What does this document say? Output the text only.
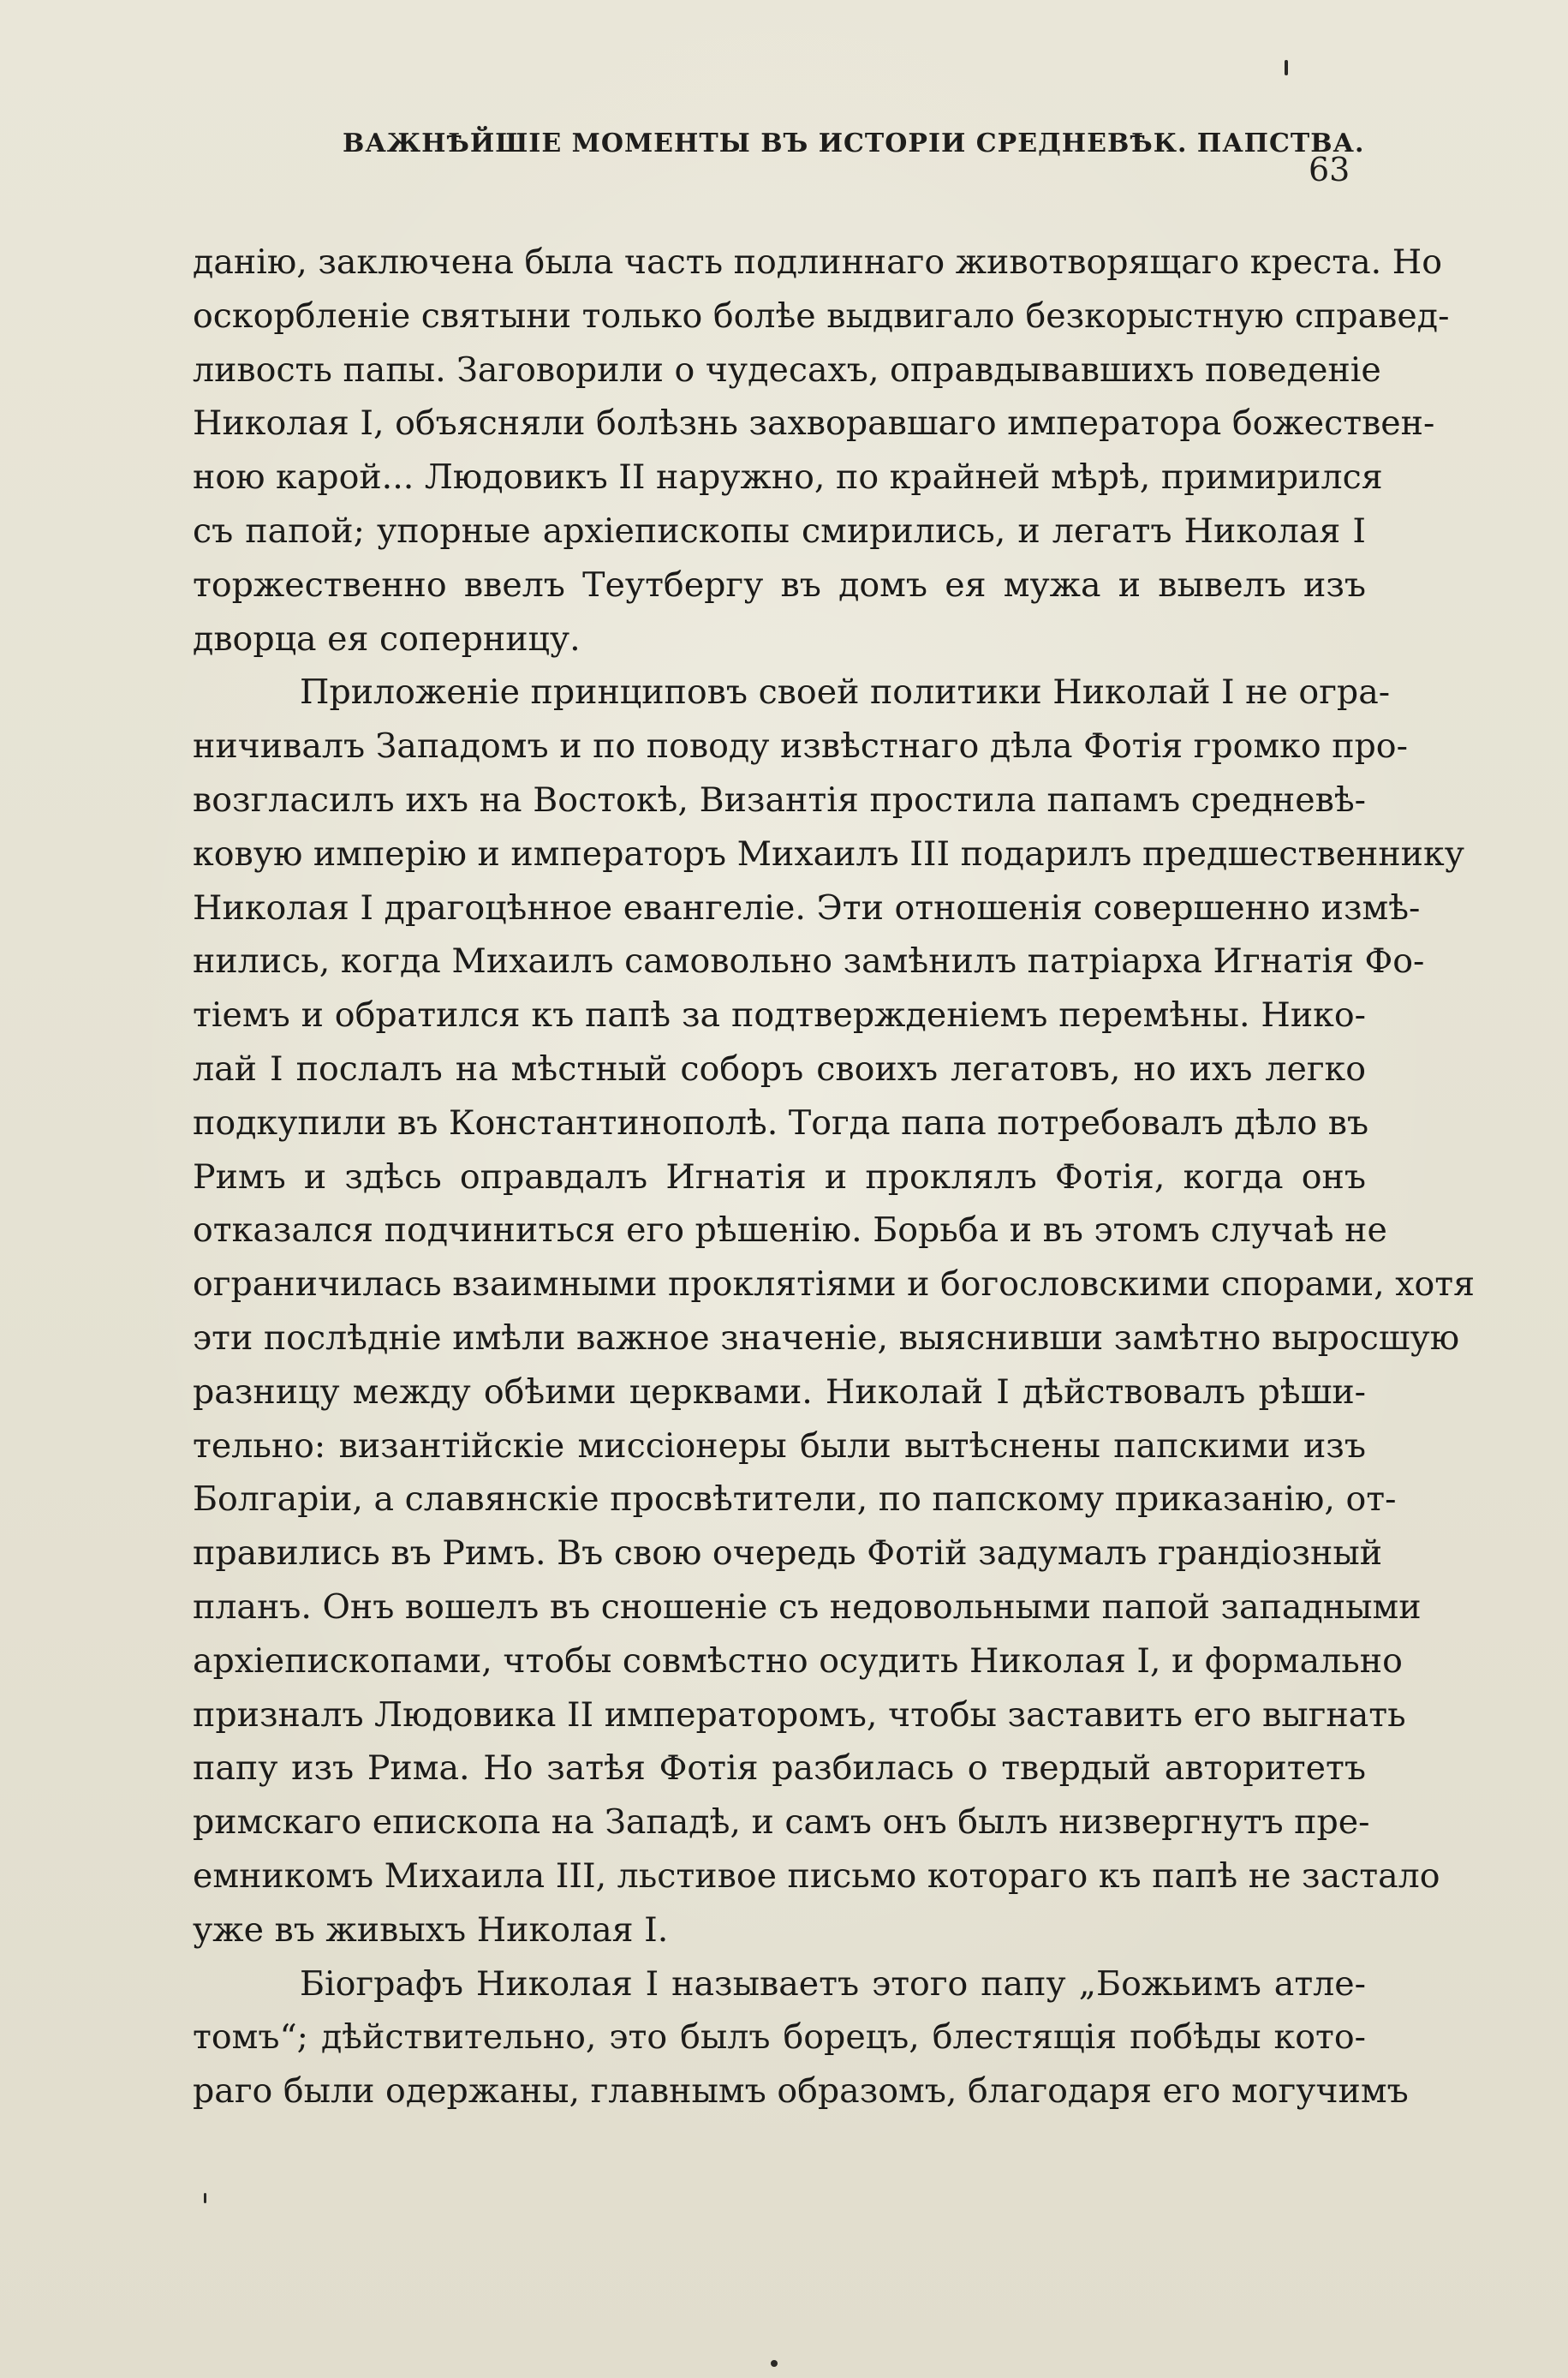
ВАЖНѢЙШІЕ МОМЕНТЫ ВЪ ИСТОРІИ СРЕДНЕВѢК. ПАПСТВА.
63

данію, заключена была часть подлиннаго животворящаго креста. Но
оскорбленіе святыни только болѣе выдвигало безкорыстную справед-
ливость папы. Заговорили о чудесахъ, оправдывавшихъ поведеніе
Николая I, объясняли болѣзнь захворавшаго императора божествен-
ною карой... Людовикъ II наружно, по крайней мѣрѣ, примирился
съ папой; упорные архіепископы смирились, и легатъ Николая I
торжественно ввелъ Теутбергу въ домъ ея мужа и вывелъ изъ
дворца ея соперницу.

Приложеніе принциповъ своей политики Николай I не огра-
ничивалъ Западомъ и по поводу извѣстнаго дѣла Фотія громко про-
возгласилъ ихъ на Востокѣ, Византія простила папамъ средневѣ-
ковую имперію и императоръ Михаилъ III подарилъ предшественнику
Николая I драгоцѣнное евангеліе. Эти отношенія совершенно измѣ-
нились, когда Михаилъ самовольно замѣнилъ патріарха Игнатія Фо-
тіемъ и обратился къ папѣ за подтвержденіемъ перемѣны. Нико-
лай I послалъ на мѣстный соборъ своихъ легатовъ, но ихъ легко
подкупили въ Константинополѣ. Тогда папа потребовалъ дѣло въ
Римъ и здѣсь оправдалъ Игнатія и проклялъ Фотія, когда онъ
отказался подчиниться его рѣшенію. Борьба и въ этомъ случаѣ не
ограничилась взаимными проклятіями и богословскими спорами, хотя
эти послѣдніе имѣли важное значеніе, выяснивши замѣтно выросшую
разницу между обѣими церквами. Николай I дѣйствовалъ рѣши-
тельно: византійскіе миссіонеры были вытѣснены папскими изъ
Болгаріи, а славянскіе просвѣтители, по папскому приказанію, от-
правились въ Римъ. Въ свою очередь Фотій задумалъ грандіозный
планъ. Онъ вошелъ въ сношеніе съ недовольными папой западными
архіепископами, чтобы совмѣстно осудить Николая I, и формально
призналъ Людовика II императоромъ, чтобы заставить его выгнать
папу изъ Рима. Но затѣя Фотія разбилась о твердый авторитетъ
римскаго епископа на Западѣ, и самъ онъ былъ низвергнутъ пре-
емникомъ Михаила III, льстивое письмо котораго къ папѣ не застало
уже въ живыхъ Николая I.

Біографъ Николая I называетъ этого папу „Божьимъ атле-
томъ“; дѣйствительно, это былъ борецъ, блестящія побѣды кото-
раго были одержаны, главнымъ образомъ, благодаря его могучимъ
